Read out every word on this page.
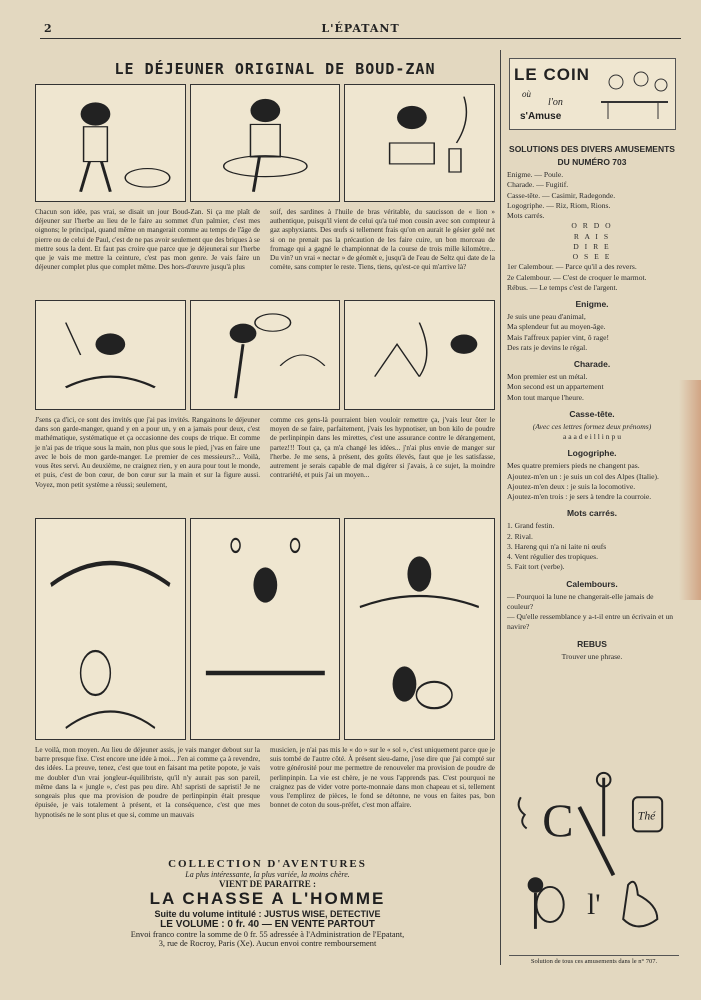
2	L'ÉPATANT
LE DÉJEUNER ORIGINAL DE BOUD-ZAN
Chacun son idée, pas vrai, se disait un jour Boud-Zan. Si ça me plaît de déjeuner sur l'herbe au lieu de le faire au sommet d'un palmier, c'est mes oignons; le principal, quand même on mangerait comme au temps de l'âge de pierre ou de celui de Paul, c'est de ne pas avoir seulement que des briques à se mettre sous la dent. Et faut pas croire que parce que je déjeunerai sur l'herbe que je vais me mettre la ceinture, c'est pas mon genre. Je vais faire un déjeuner complet plus que complet même. Des hors-d'œuvre jusqu'à plus
soif, des sardines à l'huile de bras véritable, du saucisson de « lion » authentique, puisqu'il vient de celui qu'a tué mon cousin avec son compteur à gaz asphyxiants. Des œufs si tellement frais qu'on en aurait le gésier gelé net si on ne prenait pas la précaution de les faire cuire, un bon morceau de fromage qui a gagné le championnat de la course de trois mille kilomètre... Du vin? un vrai « nectar » de géomèt e, jusqu'à de l'eau de Seltz qui date de la comète, sans compter le reste. Tiens, tiens, qu'est-ce qui m'arrive là?
J'sens ça d'ici, ce sont des invités que j'ai pas invités. Rangainons le déjeuner dans son garde-manger, quand y en a pour un, y en a jamais pour deux, c'est mathématique, systématique et ça occasionne des coups de trique. Et comme je n'ai pas de trique sous la main, non plus que sous le pied, j'vas en faire une avec le bois de mon garde-manger. Le premier de ces messieurs?... Voilà, vous êtes servi. Au deuxième, ne craignez rien, y en aura pour tout le monde, et puis, c'est de bon cœur, de bon cœur sur la main et sur la figure aussi. Voyez, mon petit système a réussi; seulement,
comme ces gens-là pourraient bien vouloir remettre ça, j'vais leur ôter le moyen de se faire, parfaitement, j'vais les hypnotiser, un bon kilo de poudre de perlinpinpin dans les mirettes, c'est une assurance contre le dérangement, partez!!! Tout ça, ça m'a changé les idées... j'n'ai plus envie de manger sur l'herbe. Je me sens, à présent, des goûts élevés, faut que je les satisfasse, autrement je serais capable de mal digérer si j'avais, à ce sujet, la moindre contrariété, et puis j'ai un moyen...
Le voilà, mon moyen. Au lieu de déjeuner assis, je vais manger debout sur la barre presque fixe. C'est encore une idée à moi... J'en ai comme ça à revendre, des idées. La preuve, tenez, c'est que tout en faisant ma petite popote, je vais me doubler d'un vrai jongleur-équilibriste, qu'il n'y aurait pas son pareil, même dans la « jungle », c'est pas peu dire. Ah! sapristi de sapristi! Je ne songeais plus que ma provision de poudre de perlinpinpin était presque épuisée, je vais totalement à présent, et la conséquence, c'est que mes hypnotisés ne le sont plus et que si, comme un mauvais
musicien, je n'ai pas mis le « do » sur le « sol », c'est uniquement parce que je suis tombé de l'autre côté. À présent sieu-dame, j'ose dire que j'ai compté sur votre générosité pour me permettre de renouveler ma provision de poudre de perlinpinpin. La vie est chère, je ne vous l'apprends pas. C'est pourquoi ne craignez pas de vider votre porte-monnaie dans mon chapeau et si, tellement vous l'emplirez de pièces, le fond se détonne, ne vous en faites pas, bon bonnet de coton du sous-préfet, c'est mon affaire.
COLLECTION D'AVENTURES
La plus intéressante, la plus variée, la moins chère.
VIENT DE PARAITRE :
LA CHASSE A L'HOMME
Suite du volume intitulé : JUSTUS WISE, DETECTIVE
LE VOLUME : 0 fr. 40 — EN VENTE PARTOUT
Envoi franco contre la somme de 0 fr. 55 adressée à l'Administration de l'Epatant,
3, rue de Rocroy, Paris (Xe). Aucun envoi contre remboursement
LE COIN
où
l'on
s'Amuse
SOLUTIONS DES DIVERS AMUSEMENTS
DU NUMÉRO 703
Enigme. — Poule.
Charade. — Fugitif.
Casse-tête. — Casimir, Radegonde.
Logogriphe. — Riz, Riom, Rions.
Mots carrés.
O R D O
R A I S
D I R E
O S E E
1er Calembour. — Parce qu'il a des revers.
2e Calembour. — C'est de croquer le marmot.
Rébus. — Le temps c'est de l'argent.
Enigme.
Je suis une peau d'animal,
Ma splendeur fut au moyen-âge.
Mais l'affreux papier vint, ô rage!
Des rats je devins le régal.
Charade.
Mon premier est un métal.
Mon second est un appartement
Mon tout marque l'heure.
Casse-tête.
(Avec ces lettres formez deux prénoms)
a a a d e i l l i n p u
Logogriphe.
Mes quatre premiers pieds ne changent pas.
Ajoutez-m'en un : je suis un col des Alpes (Italie).
Ajoutez-m'en deux : je suis la locomotive.
Ajoutez-m'en trois : je sers à tendre la courroie.
Mots carrés.
1. Grand festin.
2. Rival.
3. Hareng qui n'a ni laite ni œufs
4. Vent régulier des tropiques.
5. Fait tort (verbe).
Calembours.
— Pourquoi la lune ne changerait-elle jamais de couleur?
— Qu'elle ressemblance y a-t-il entre un écrivain et un navire?
REBUS
Trouver une phrase.
C	Thé
l'
Solution de tous ces amusements dans le n° 707.
